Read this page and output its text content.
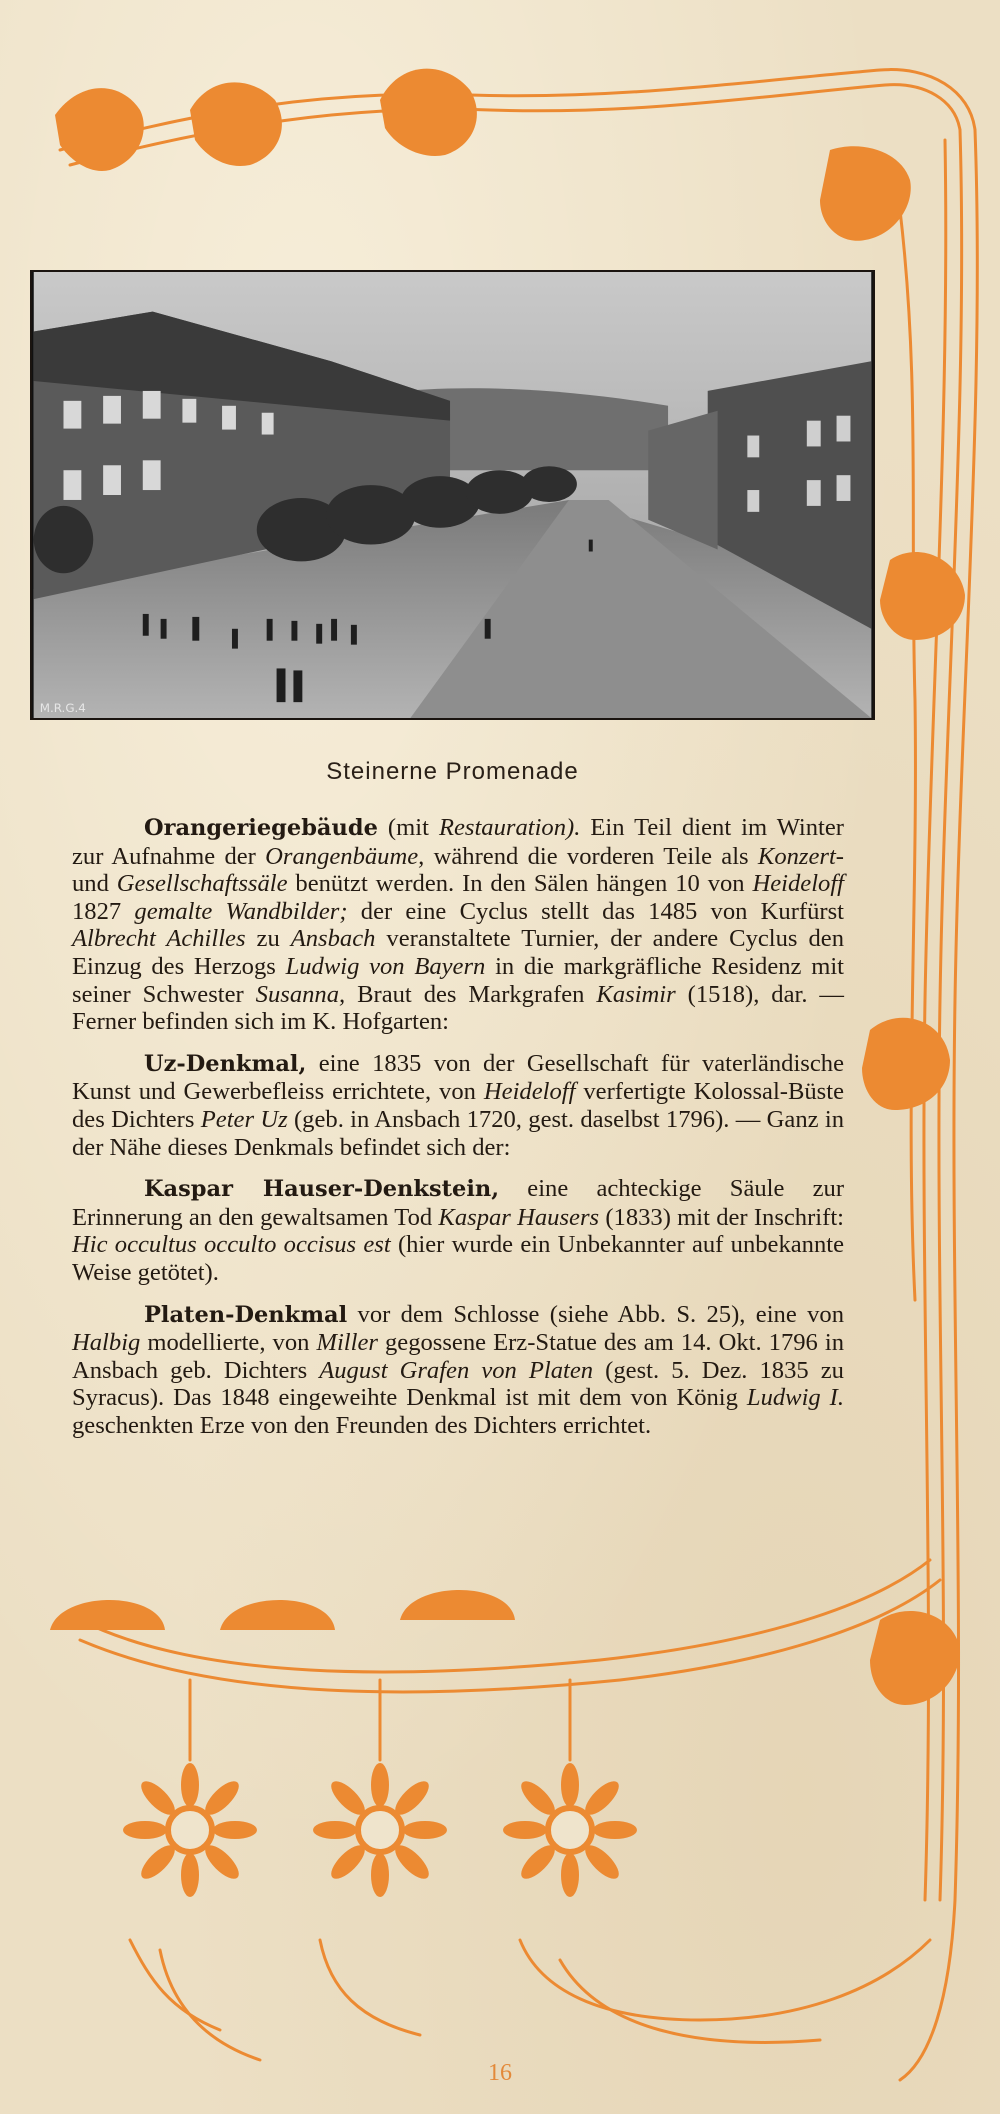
M.R.G.4
Steinerne Promenade

Orangeriegebäude (mit Restauration). Ein Teil dient im Winter zur Aufnahme der Orangenbäume, während die vorderen Teile als Konzert- und Gesellschaftssäle benützt werden. In den Sälen hängen 10 von Heideloff 1827 gemalte Wandbilder; der eine Cyclus stellt das 1485 von Kurfürst Albrecht Achilles zu Ansbach veranstaltete Turnier, der andere Cyclus den Einzug des Herzogs Ludwig von Bayern in die markgräfliche Residenz mit seiner Schwester Susanna, Braut des Markgrafen Kasimir (1518), dar. — Ferner befinden sich im K. Hofgarten:

Uz-Denkmal, eine 1835 von der Gesellschaft für vaterländische Kunst und Gewerbefleiss errichtete, von Heideloff verfertigte Kolossal-Büste des Dichters Peter Uz (geb. in Ansbach 1720, gest. daselbst 1796). — Ganz in der Nähe dieses Denkmals befindet sich der:

Kaspar Hauser-Denkstein, eine achteckige Säule zur Erinnerung an den gewaltsamen Tod Kaspar Hausers (1833) mit der Inschrift: Hic occultus occulto occisus est (hier wurde ein Unbekannter auf unbekannte Weise getötet).

Platen-Denkmal vor dem Schlosse (siehe Abb. S. 25), eine von Halbig modellierte, von Miller gegossene Erz-Statue des am 14. Okt. 1796 in Ansbach geb. Dichters August Grafen von Platen (gest. 5. Dez. 1835 zu Syracus). Das 1848 eingeweihte Denkmal ist mit dem von König Ludwig I. geschenkten Erze von den Freunden des Dichters errichtet.

16
